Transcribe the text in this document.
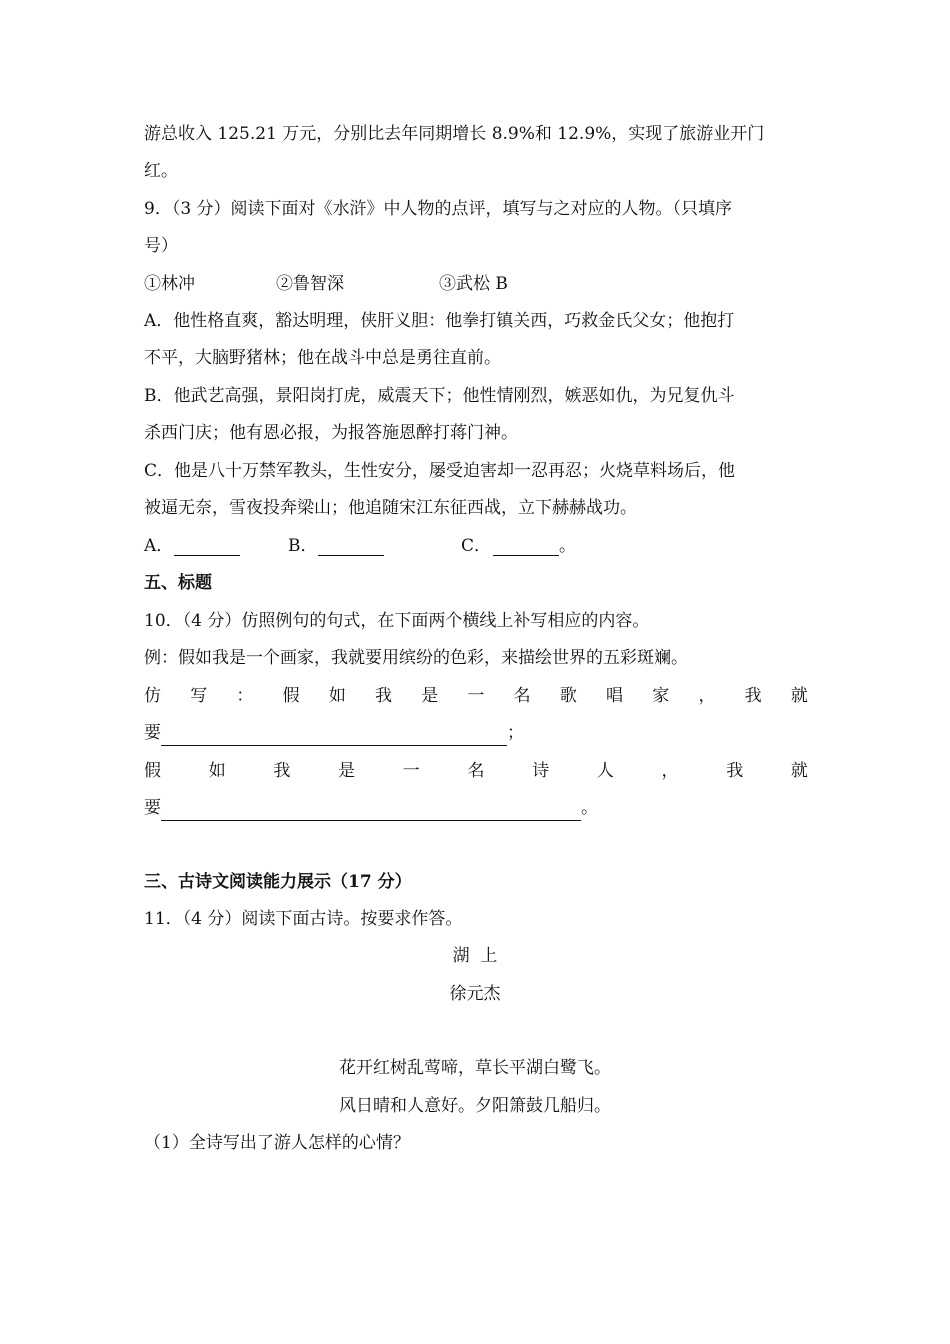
游总收入 125.21 万元，分别比去年同期增长 8.9%和 12.9%，实现了旅游业开门
红。
9．（3 分）阅读下面对《水浒》中人物的点评，填写与之对应的人物。（只填序
号）
①林冲	②鲁智深	③武松 B
A．他性格直爽，豁达明理，侠肝义胆：他拳打镇关西，巧救金氏父女；他抱打
不平，大脑野猪林；他在战斗中总是勇往直前。
B．他武艺高强，景阳岗打虎，威震天下；他性情刚烈，嫉恶如仇，为兄复仇斗
杀西门庆；他有恩必报，为报答施恩醉打蒋门神。
C．他是八十万禁军教头，生性安分，屡受迫害却一忍再忍；火烧草料场后，他
被逼无奈，雪夜投奔梁山；他追随宋江东征西战，立下赫赫战功。
A．	B．	C．	。
五、标题
10．（4 分）仿照例句的句式，在下面两个横线上补写相应的内容。
例：假如我是一个画家，我就要用缤纷的色彩，来描绘世界的五彩斑斓。
仿 写 ： 假 如 我 是 一 名 歌 唱 家 ， 我 就
要	；
假	如	我	是	一	名	诗	人	，	我	就
要	。
三、古诗文阅读能力展示（17 分）
11．（4 分）阅读下面古诗。按要求作答。
湖  上
徐元杰
花开红树乱莺啼，草长平湖白鹭飞。
风日晴和人意好。夕阳箫鼓几船归。
（1）全诗写出了游人怎样的心情？
